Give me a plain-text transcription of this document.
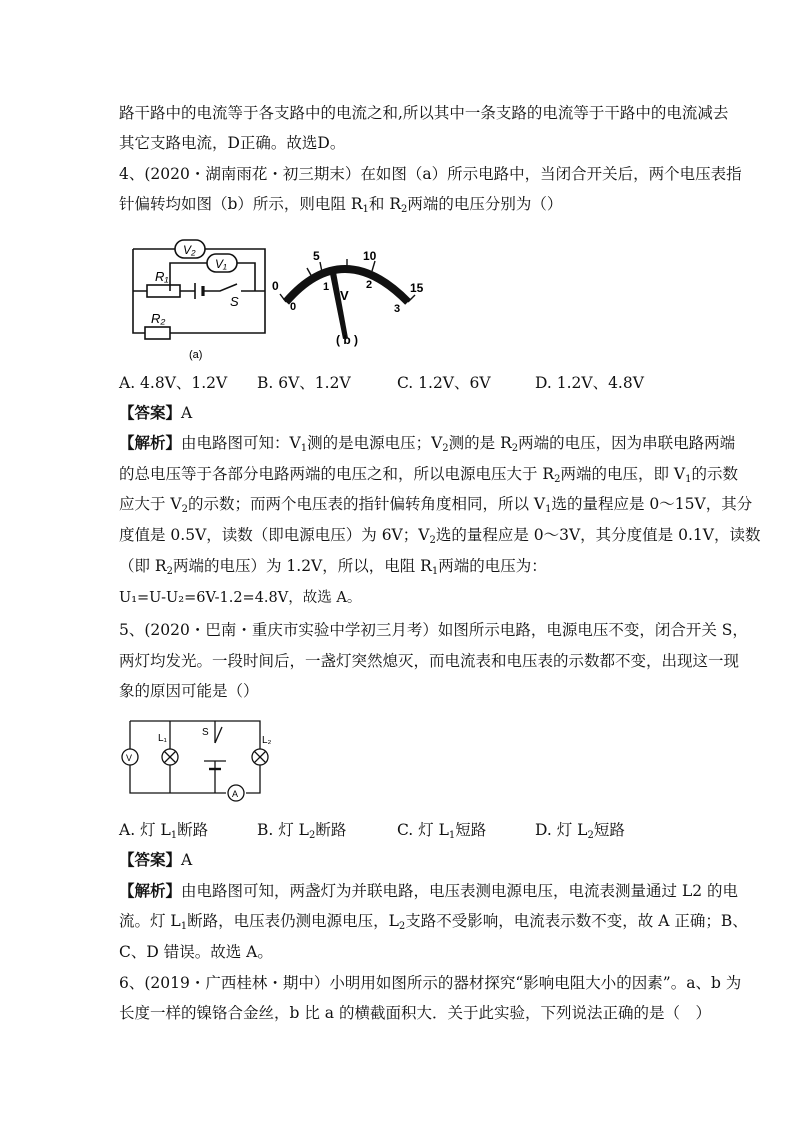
路干路中的电流等于各支路中的电流之和,所以其中一条支路的电流等于干路中的电流减去
其它支路电流，D正确。故选D。
4、(2020・湖南雨花・初三期末）在如图（a）所示电路中，当闭合开关后，两个电压表指
针偏转均如图（b）所示，则电阻 $R_1$和 $R_2$两端的电压分别为（）
V₂
V₁
R₁
R₂
S
(a)
0
5	10
15
0
1	2
3
V
( b )
A. 4.8V、1.2V B. 6V、1.2V	C. 1.2V、6V	D. 1.2V、4.8V
【答案】A
【解析】由电路图可知：$V_1$测的是电源电压；$V_2$测的是 $R_2$两端的电压，因为串联电路两端
的总电压等于各部分电路两端的电压之和，所以电源电压大于 $R_2$两端的电压，即 $V_1$的示数
应大于 $V_2$的示数；而两个电压表的指针偏转角度相同，所以 $V_1$选的量程应是 0～15V，其分
度值是 0.5V，读数（即电源电压）为 6V；$V_2$选的量程应是 0～3V，其分度值是 0.1V，读数
（即 $R_2$两端的电压）为 1.2V，所以，电阻 $R_1$两端的电压为：
U₁=U-U₂=6V-1.2=4.8V，故选 A。
5、(2020・巴南・重庆市实验中学初三月考）如图所示电路，电源电压不变，闭合开关 S，
两灯均发光。一段时间后，一盏灯突然熄灭，而电流表和电压表的示数都不变，出现这一现
象的原因可能是（）
V
L₁
S
L₂
A
A. 灯 $L_1$断路	B. 灯 $L_2$断路	C. 灯 $L_1$短路	D. 灯 $L_2$短路
【答案】A
【解析】由电路图可知，两盏灯为并联电路，电压表测电源电压，电流表测量通过 L2 的电
流。灯 $L_1$断路，电压表仍测电源电压，$L_2$支路不受影响，电流表示数不变，故 A 正确；B、
C、D 错误。故选 A。
6、(2019・广西桂林・期中）小明用如图所示的器材探究“影响电阻大小的因素”。a、b 为
长度一样的镍铬合金丝，b 比 a 的横截面积大．关于此实验，下列说法正确的是（　）
